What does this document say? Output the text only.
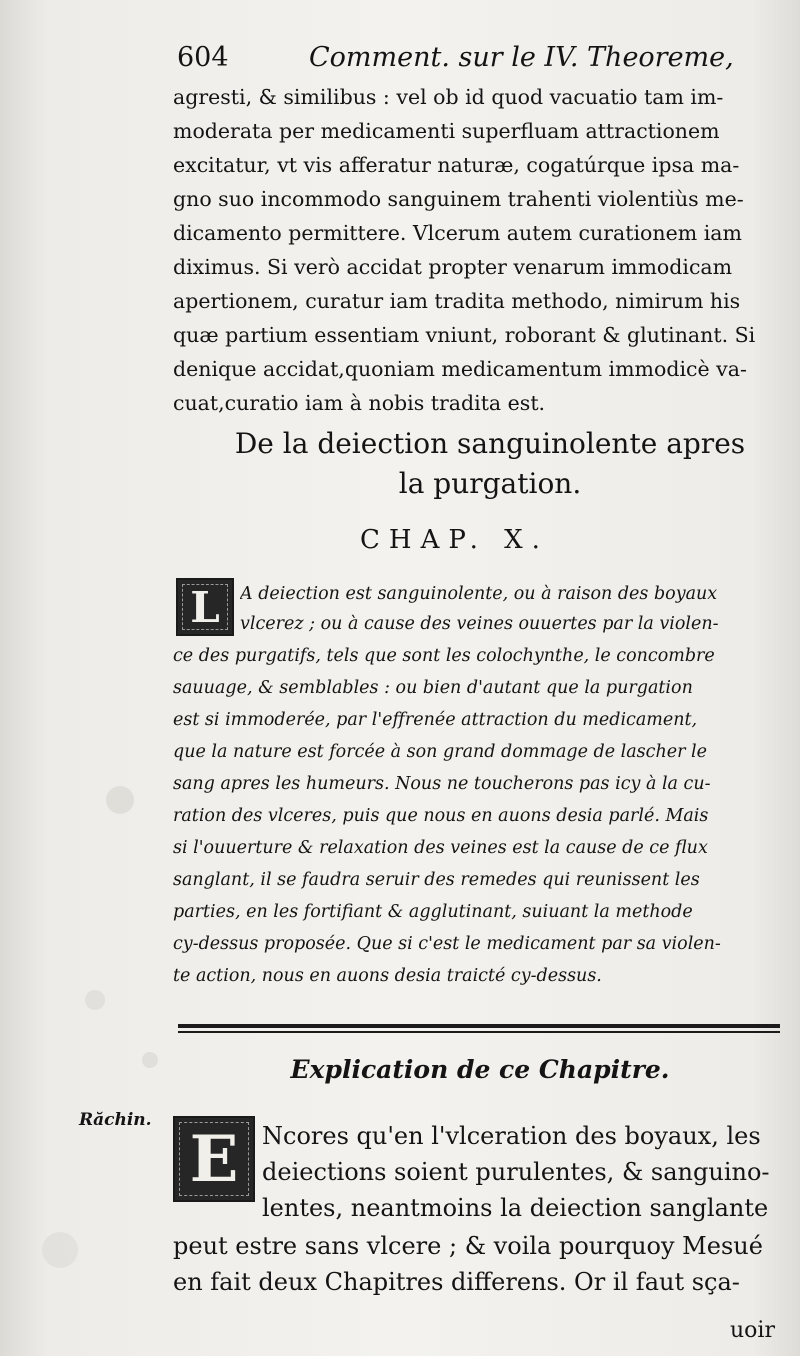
604	Comment. sur le IV. Theoreme,
agresti, & similibus : vel ob id quod vacuatio tam im-
moderata per medicamenti superfluam attractionem
excitatur, vt vis afferatur naturæ, cogatúrque ipsa ma-
gno suo incommodo sanguinem trahenti violentiùs me-
dicamento permittere. Vlcerum autem curationem iam
diximus. Si verò accidat propter venarum immodicam
apertionem, curatur iam tradita methodo, nimirum his
quæ partium essentiam vniunt, roborant & glutinant. Si
denique accidat,quoniam medicamentum immodicè va-
cuat,curatio iam à nobis tradita est.
De la deiection sanguinolente apres
la purgation.
CHAP. X.
L A deiection est sanguinolente, ou à raison des boyaux
vlcerez ; ou à cause des veines ouuertes par la violen-
ce des purgatifs, tels que sont les colochynthe, le concombre
sauuage, & semblables : ou bien d'autant que la purgation
est si immoderée, par l'effrenée attraction du medicament,
que la nature est forcée à son grand dommage de lascher le
sang apres les humeurs. Nous ne toucherons pas icy à la cu-
ration des vlceres, puis que nous en auons desia parlé. Mais
si l'ouuerture & relaxation des veines est la cause de ce flux
sanglant, il se faudra seruir des remedes qui reunissent les
parties, en les fortifiant & agglutinant, suiuant la methode
cy-dessus proposée. Que si c'est le medicament par sa violen-
te action, nous en auons desia traicté cy-dessus.
Explication de ce Chapitre.
Răchin.
E Ncores qu'en l'vlceration des boyaux, les
deiections soient purulentes, & sanguino-
lentes, neantmoins la deiection sanglante
peut estre sans vlcere ; & voila pourquoy Mesué
en fait deux Chapitres differens. Or il faut sça-
uoir
